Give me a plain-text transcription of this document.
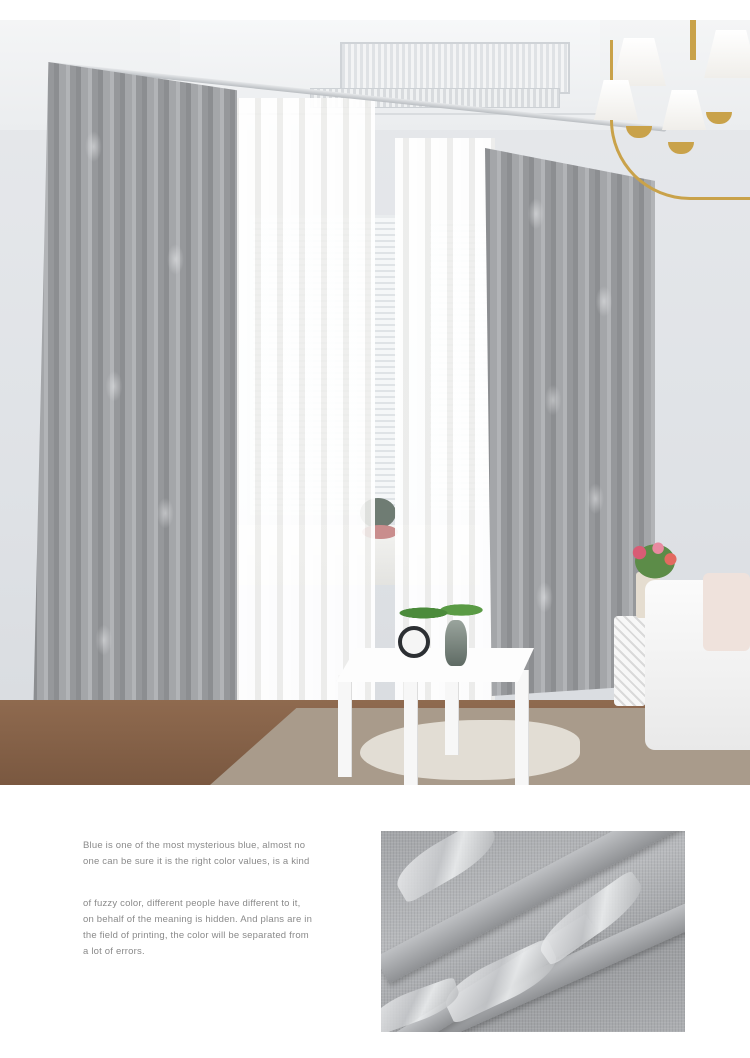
Blue is one of the most mysterious blue, almost no

one can be sure it is the right color values, is a kind

of fuzzy color, different people have different to it,

on behalf of the meaning is hidden. And plans are in

the field of printing, the color will be separated from

a lot of errors.
